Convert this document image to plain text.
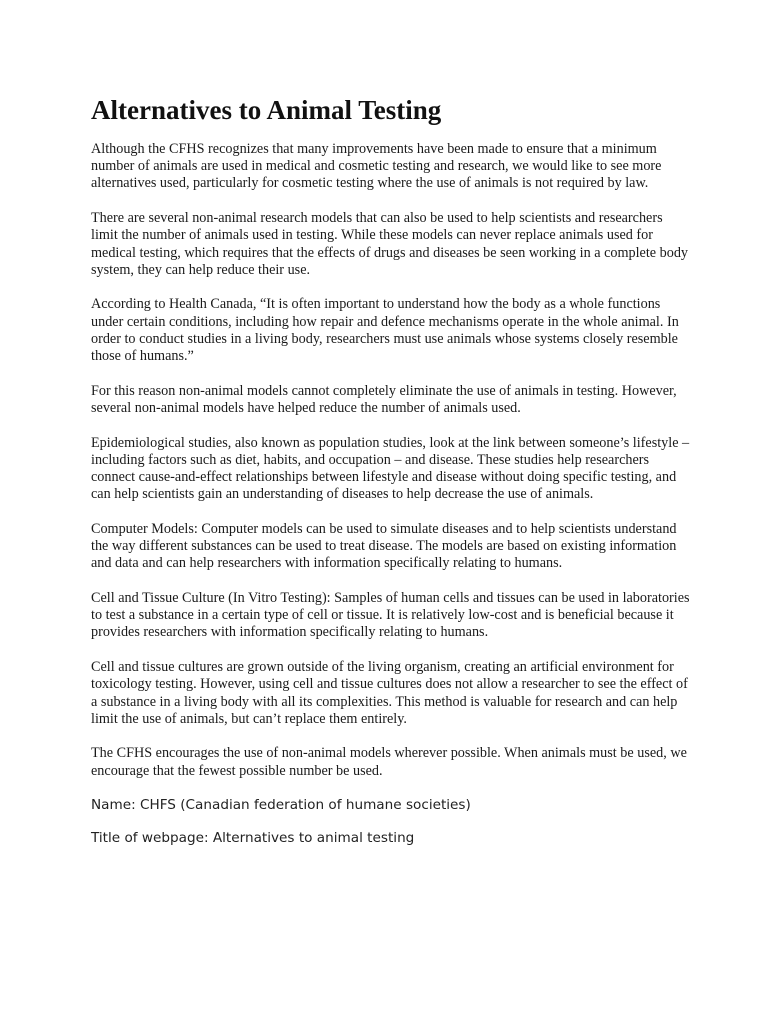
Alternatives to Animal Testing

Although the CFHS recognizes that many improvements have been made to ensure that a minimum number of animals are used in medical and cosmetic testing and research, we would like to see more alternatives used, particularly for cosmetic testing where the use of animals is not required by law.

There are several non-animal research models that can also be used to help scientists and researchers limit the number of animals used in testing. While these models can never replace animals used for medical testing, which requires that the effects of drugs and diseases be seen working in a complete body system, they can help reduce their use.

According to Health Canada, “It is often important to understand how the body as a whole functions under certain conditions, including how repair and defence mechanisms operate in the whole animal. In order to conduct studies in a living body, researchers must use animals whose systems closely resemble those of humans.”

For this reason non-animal models cannot completely eliminate the use of animals in testing. However, several non-animal models have helped reduce the number of animals used.

Epidemiological studies, also known as population studies, look at the link between someone’s lifestyle – including factors such as diet, habits, and occupation – and disease. These studies help researchers connect cause-and-effect relationships between lifestyle and disease without doing specific testing, and can help scientists gain an understanding of diseases to help decrease the use of animals.

Computer Models: Computer models can be used to simulate diseases and to help scientists understand the way different substances can be used to treat disease. The models are based on existing information and data and can help researchers with information specifically relating to humans.

Cell and Tissue Culture (In Vitro Testing): Samples of human cells and tissues can be used in laboratories to test a substance in a certain type of cell or tissue. It is relatively low-cost and is beneficial because it provides researchers with information specifically relating to humans.

Cell and tissue cultures are grown outside of the living organism, creating an artificial environment for toxicology testing. However, using cell and tissue cultures does not allow a researcher to see the effect of a substance in a living body with all its complexities. This method is valuable for research and can help limit the use of animals, but can’t replace them entirely.

The CFHS encourages the use of non-animal models wherever possible. When animals must be used, we encourage that the fewest possible number be used.

Name: CHFS (Canadian federation of humane societies)

Title of webpage: Alternatives to animal testing
